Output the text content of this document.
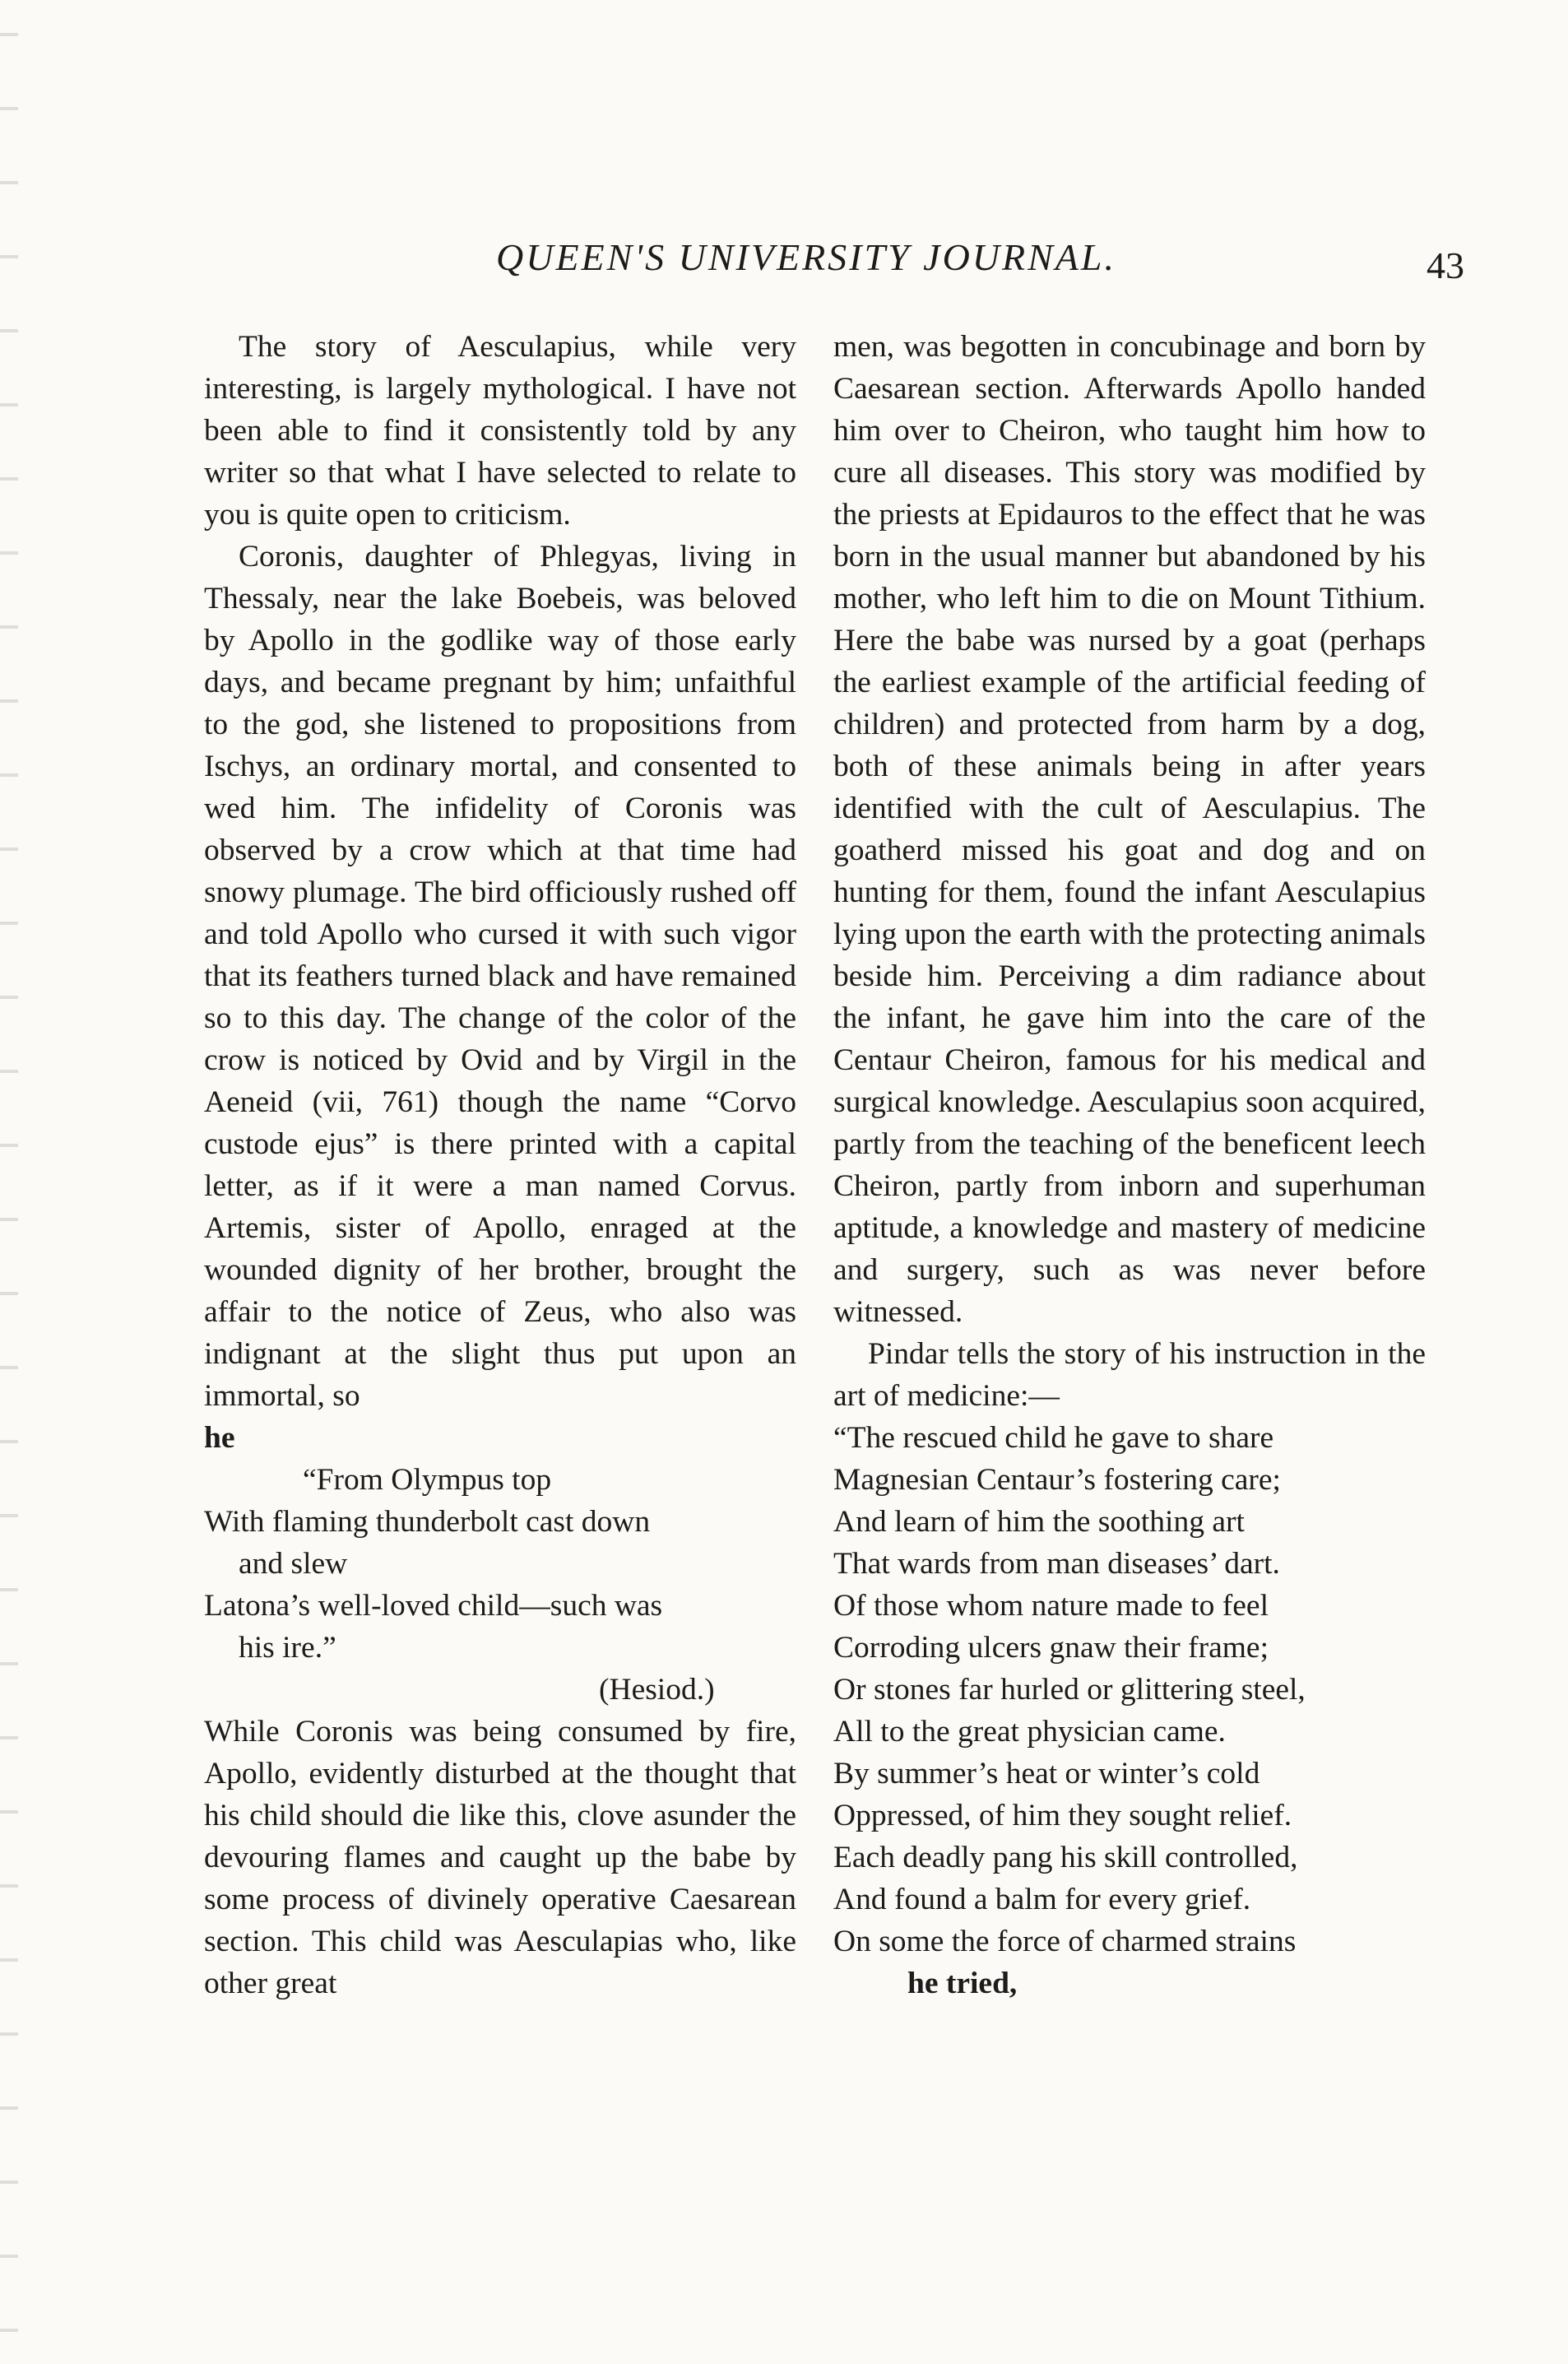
QUEEN'S UNIVERSITY JOURNAL.	43

The story of Aesculapius, while very interesting, is largely mythological. I have not been able to find it consistently told by any writer so that what I have selected to relate to you is quite open to criticism.

Coronis, daughter of Phlegyas, living in Thessaly, near the lake Boebeis, was beloved by Apollo in the godlike way of those early days, and became pregnant by him; unfaithful to the god, she listened to propositions from Ischys, an ordinary mortal, and consented to wed him. The infidelity of Coronis was observed by a crow which at that time had snowy plumage. The bird officiously rushed off and told Apollo who cursed it with such vigor that its feathers turned black and have remained so to this day. The change of the color of the crow is noticed by Ovid and by Virgil in the Aeneid (vii, 761) though the name “Corvo custode ejus” is there printed with a capital letter, as if it were a man named Corvus. Artemis, sister of Apollo, enraged at the wounded dignity of her brother, brought the affair to the notice of Zeus, who also was indignant at the slight thus put upon an immortal, so

he

“From Olympus top
With flaming thunderbolt cast down
and slew
Latona’s well-loved child—such was
his ire.”
(Hesiod.)

While Coronis was being consumed by fire, Apollo, evidently disturbed at the thought that his child should die like this, clove asunder the devouring flames and caught up the babe by some process of divinely operative Caesarean section. This child was Aesculapias who, like other great

men, was begotten in concubinage and born by Caesarean section. Afterwards Apollo handed him over to Cheiron, who taught him how to cure all diseases. This story was modified by the priests at Epidauros to the effect that he was born in the usual manner but abandoned by his mother, who left him to die on Mount Tithium. Here the babe was nursed by a goat (perhaps the earliest example of the artificial feeding of children) and protected from harm by a dog, both of these animals being in after years identified with the cult of Aesculapius. The goatherd missed his goat and dog and on hunting for them, found the infant Aesculapius lying upon the earth with the protecting animals beside him. Perceiving a dim radiance about the infant, he gave him into the care of the Centaur Cheiron, famous for his medical and surgical knowledge. Aesculapius soon acquired, partly from the teaching of the beneficent leech Cheiron, partly from inborn and superhuman aptitude, a knowledge and mastery of medicine and surgery, such as was never before witnessed.

Pindar tells the story of his instruction in the art of medicine:—

“The rescued child he gave to share
Magnesian Centaur’s fostering care;
And learn of him the soothing art
That wards from man diseases’ dart.
Of those whom nature made to feel
Corroding ulcers gnaw their frame;
Or stones far hurled or glittering steel,
All to the great physician came.
By summer’s heat or winter’s cold
Oppressed, of him they sought relief.
Each deadly pang his skill controlled,
And found a balm for every grief.
On some the force of charmed strains
he tried,
